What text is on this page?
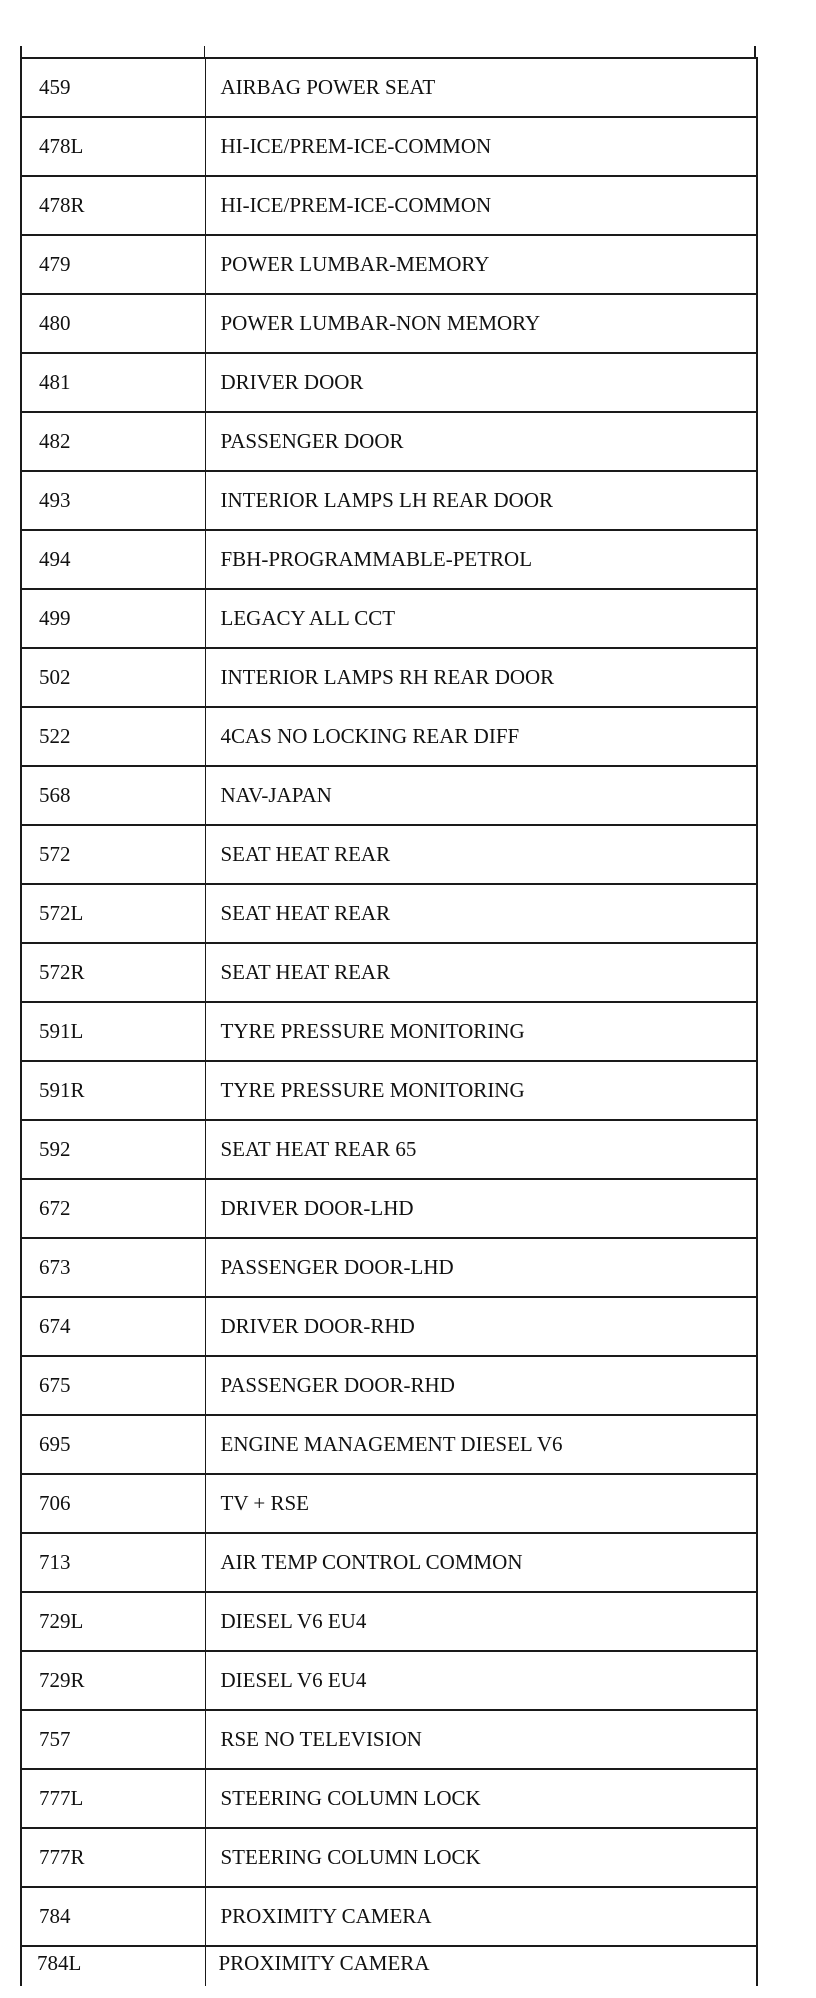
459	AIRBAG POWER SEAT
478L	HI-ICE/PREM-ICE-COMMON
478R	HI-ICE/PREM-ICE-COMMON
479	POWER LUMBAR-MEMORY
480	POWER LUMBAR-NON MEMORY
481	DRIVER DOOR
482	PASSENGER DOOR
493	INTERIOR LAMPS LH REAR DOOR
494	FBH-PROGRAMMABLE-PETROL
499	LEGACY ALL CCT
502	INTERIOR LAMPS RH REAR DOOR
522	4CAS NO LOCKING REAR DIFF
568	NAV-JAPAN
572	SEAT HEAT REAR
572L	SEAT HEAT REAR
572R	SEAT HEAT REAR
591L	TYRE PRESSURE MONITORING
591R	TYRE PRESSURE MONITORING
592	SEAT HEAT REAR 65
672	DRIVER DOOR-LHD
673	PASSENGER DOOR-LHD
674	DRIVER DOOR-RHD
675	PASSENGER DOOR-RHD
695	ENGINE MANAGEMENT DIESEL V6
706	TV + RSE
713	AIR TEMP CONTROL COMMON
729L	DIESEL V6 EU4
729R	DIESEL V6 EU4
757	RSE NO TELEVISION
777L	STEERING COLUMN LOCK
777R	STEERING COLUMN LOCK
784	PROXIMITY CAMERA
784L	PROXIMITY CAMERA
